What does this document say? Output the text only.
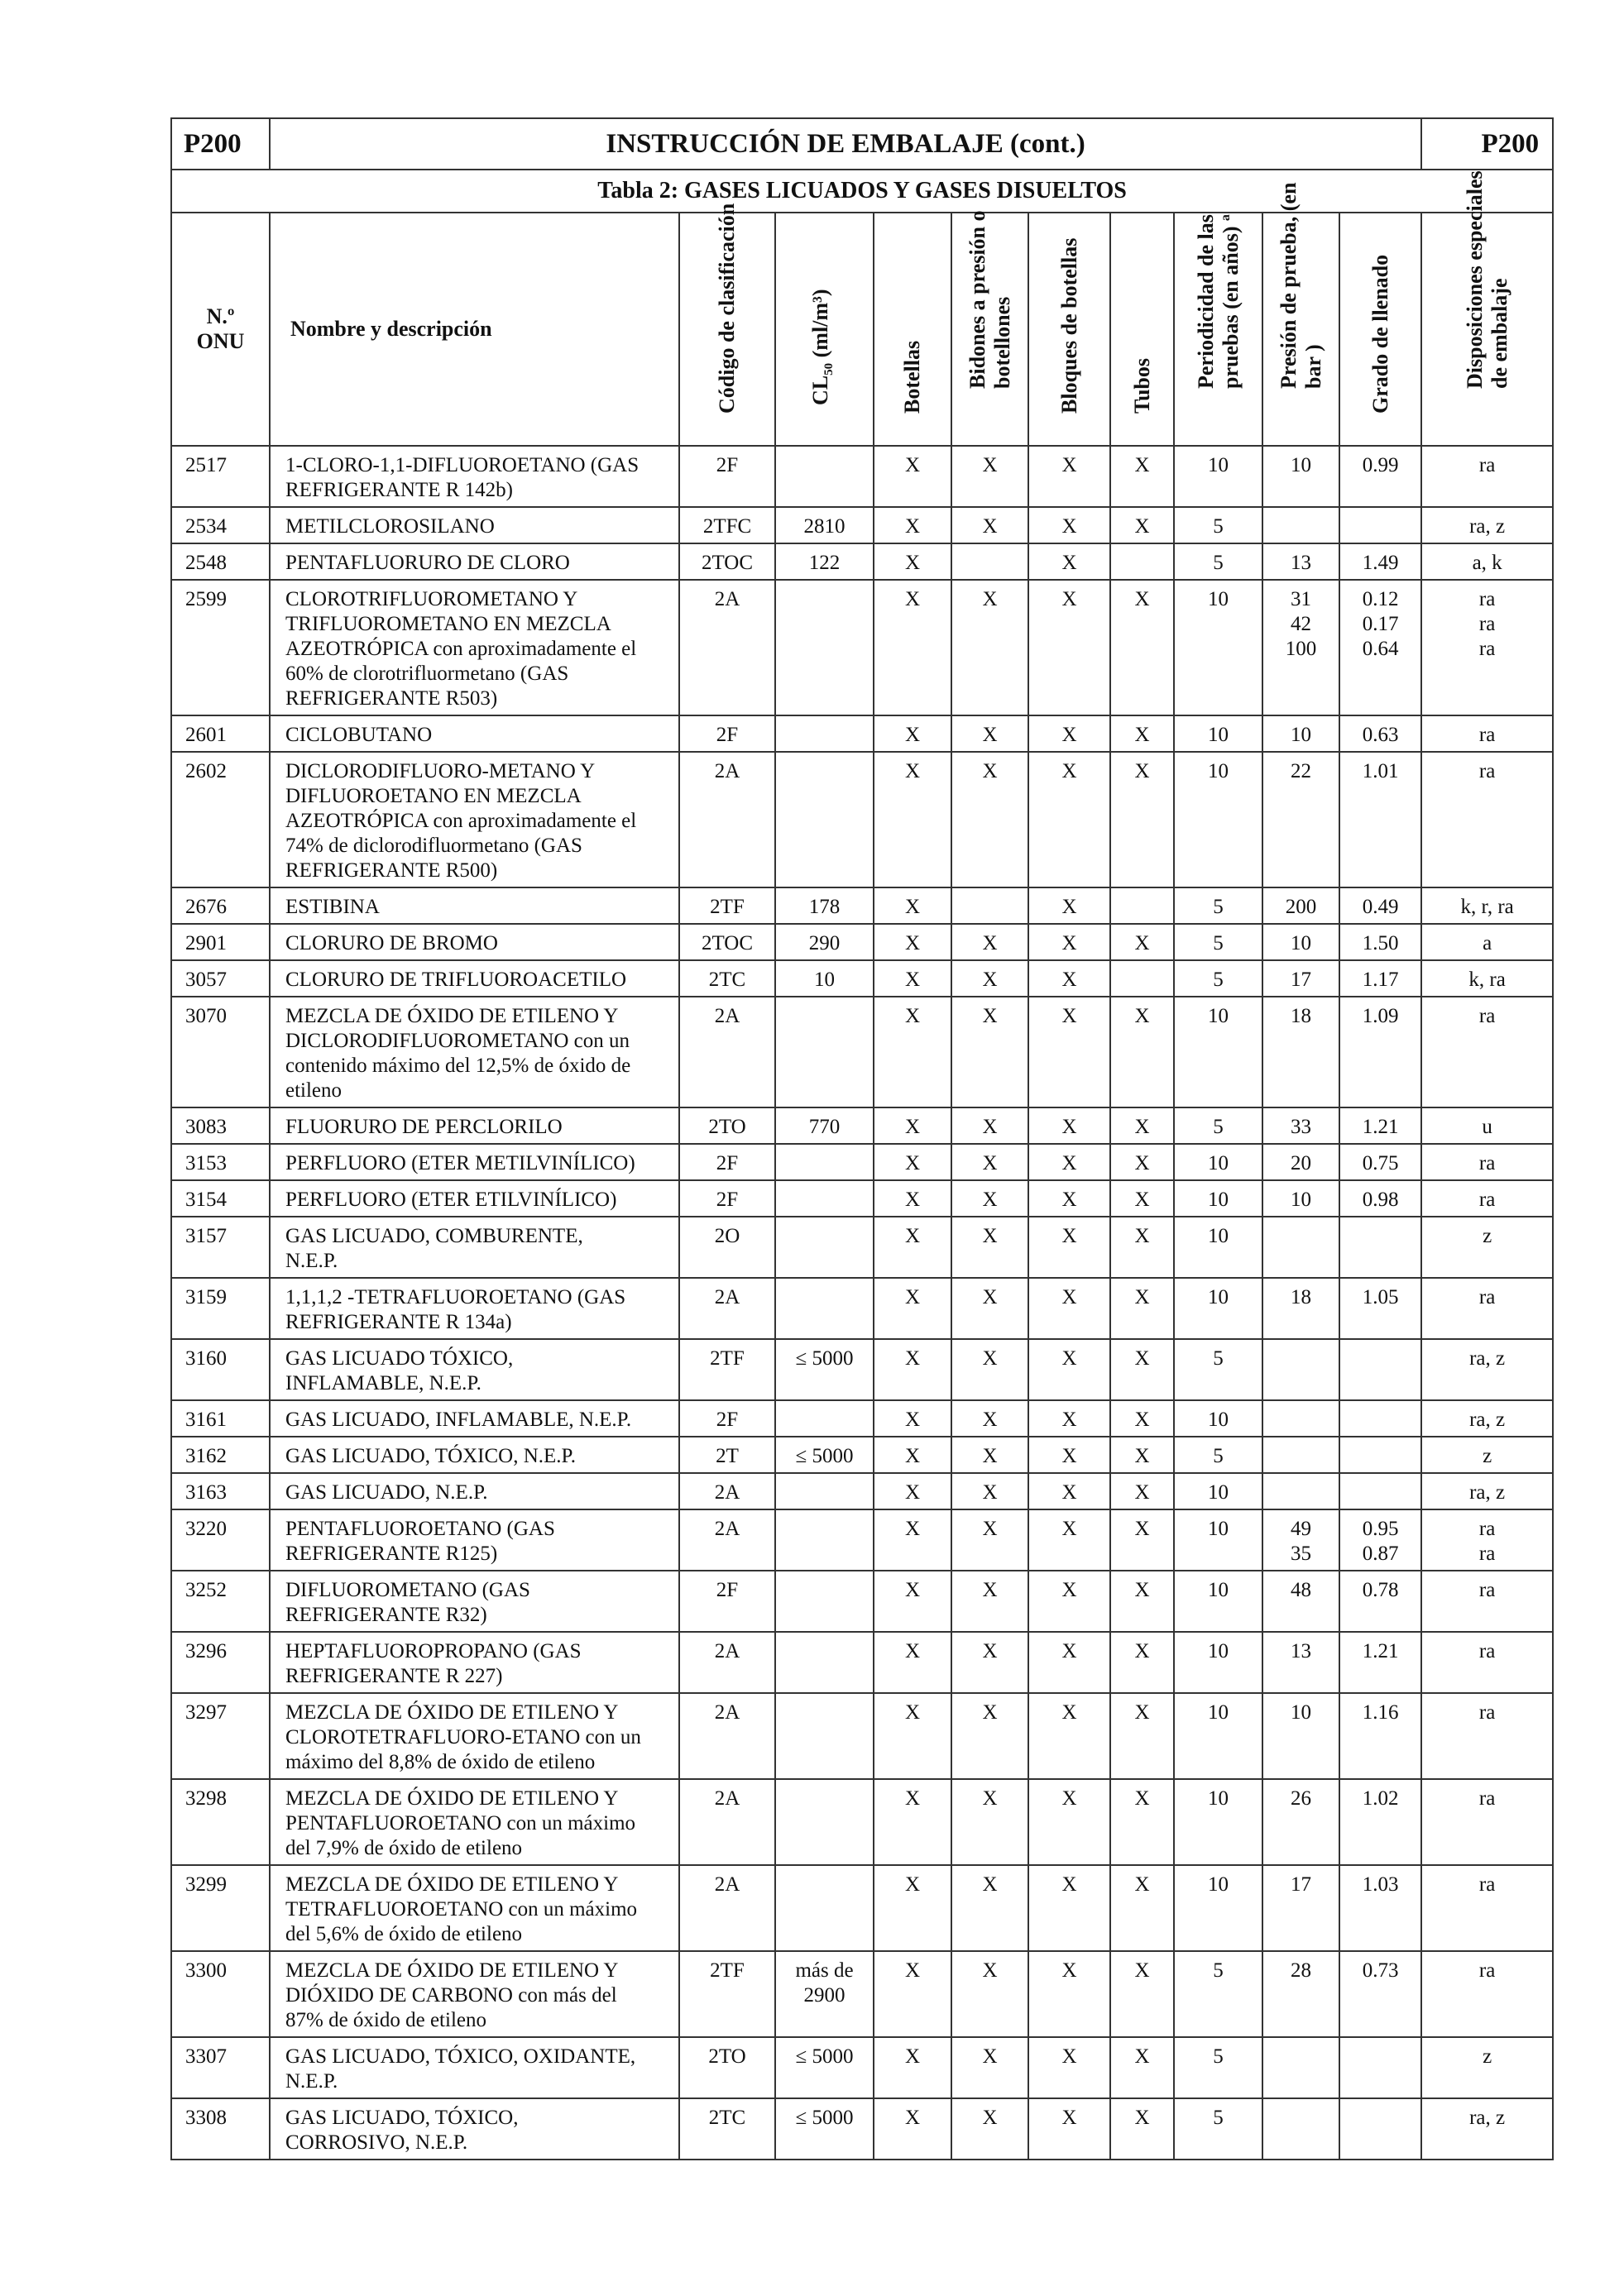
P200	INSTRUCCIÓN DE EMBALAJE (cont.)										P200
Tabla 2: GASES LICUADOS Y GASES DISUELTOS											

N.º
ONU	Nombre y descripción	Código de clasificación	$CL_{50}$ (ml/m³)	Botellas	Bidones a presión o botellones	Bloques de botellas	Tubos	Periodicidad de las pruebas (en años) ª	Presión de prueba, (en bar )	Grado de llenado	Disposiciones especiales de embalaje

2517	1-CLORO-1,1-DIFLUOROETANO (GAS
REFRIGERANTE R 142b)	2F		X	X	X	X	10	10	0.99	ra

2534	METILCLOROSILANO	2TFC	2810	X	X	X	X	5			ra, z

2548	PENTAFLUORURO DE CLORO	2TOC	122	X		X		5	13	1.49	a, k

2599	CLOROTRIFLUOROMETANO Y
TRIFLUOROMETANO EN MEZCLA
AZEOTRÓPICA con aproximadamente el
60% de clorotrifluormetano (GAS
REFRIGERANTE R503)	2A		X	X	X	X	10	31
42
100	0.12
0.17
0.64	ra
ra
ra

2601	CICLOBUTANO	2F		X	X	X	X	10	10	0.63	ra

2602	DICLORODIFLUORO-METANO Y
DIFLUOROETANO EN MEZCLA
AZEOTRÓPICA con aproximadamente el
74% de diclorodifluormetano (GAS
REFRIGERANTE R500)	2A		X	X	X	X	10	22	1.01	ra

2676	ESTIBINA	2TF	178	X		X		5	200	0.49	k, r, ra

2901	CLORURO DE BROMO	2TOC	290	X	X	X	X	5	10	1.50	a

3057	CLORURO DE TRIFLUOROACETILO	2TC	10	X	X	X		5	17	1.17	k, ra

3070	MEZCLA DE ÓXIDO DE ETILENO Y
DICLORODIFLUOROMETANO con un
contenido máximo del 12,5% de óxido de
etileno	2A		X	X	X	X	10	18	1.09	ra

3083	FLUORURO DE PERCLORILO	2TO	770	X	X	X	X	5	33	1.21	u

3153	PERFLUORO (ETER METILVINÍLICO)	2F		X	X	X	X	10	20	0.75	ra

3154	PERFLUORO (ETER ETILVINÍLICO)	2F		X	X	X	X	10	10	0.98	ra

3157	GAS LICUADO, COMBURENTE,
N.E.P.	2O		X	X	X	X	10			z

3159	1,1,1,2 -TETRAFLUOROETANO (GAS
REFRIGERANTE R 134a)	2A		X	X	X	X	10	18	1.05	ra

3160	GAS LICUADO TÓXICO,
INFLAMABLE, N.E.P.	2TF	≤ 5000	X	X	X	X	5			ra, z

3161	GAS LICUADO, INFLAMABLE, N.E.P.	2F		X	X	X	X	10			ra, z

3162	GAS LICUADO, TÓXICO, N.E.P.	2T	≤ 5000	X	X	X	X	5			z

3163	GAS LICUADO, N.E.P.	2A		X	X	X	X	10			ra, z

3220	PENTAFLUOROETANO (GAS
REFRIGERANTE R125)	2A		X	X	X	X	10	49
35	0.95
0.87	ra
ra

3252	DIFLUOROMETANO (GAS
REFRIGERANTE R32)	2F		X	X	X	X	10	48	0.78	ra

3296	HEPTAFLUOROPROPANO (GAS
REFRIGERANTE R 227)	2A		X	X	X	X	10	13	1.21	ra

3297	MEZCLA DE ÓXIDO DE ETILENO Y
CLOROTETRAFLUORO-ETANO con un
máximo del 8,8% de óxido de etileno	2A		X	X	X	X	10	10	1.16	ra

3298	MEZCLA DE ÓXIDO DE ETILENO Y
PENTAFLUOROETANO con un máximo
del 7,9% de óxido de etileno	2A		X	X	X	X	10	26	1.02	ra

3299	MEZCLA DE ÓXIDO DE ETILENO Y
TETRAFLUOROETANO con un máximo
del 5,6% de óxido de etileno	2A		X	X	X	X	10	17	1.03	ra

3300	MEZCLA DE ÓXIDO DE ETILENO Y
DIÓXIDO DE CARBONO con más del
87% de óxido de etileno	2TF	más de
2900	X	X	X	X	5	28	0.73	ra

3307	GAS LICUADO, TÓXICO, OXIDANTE,
N.E.P.	2TO	≤ 5000	X	X	X	X	5			z

3308	GAS LICUADO, TÓXICO,
CORROSIVO, N.E.P.	2TC	≤ 5000	X	X	X	X	5			ra, z
